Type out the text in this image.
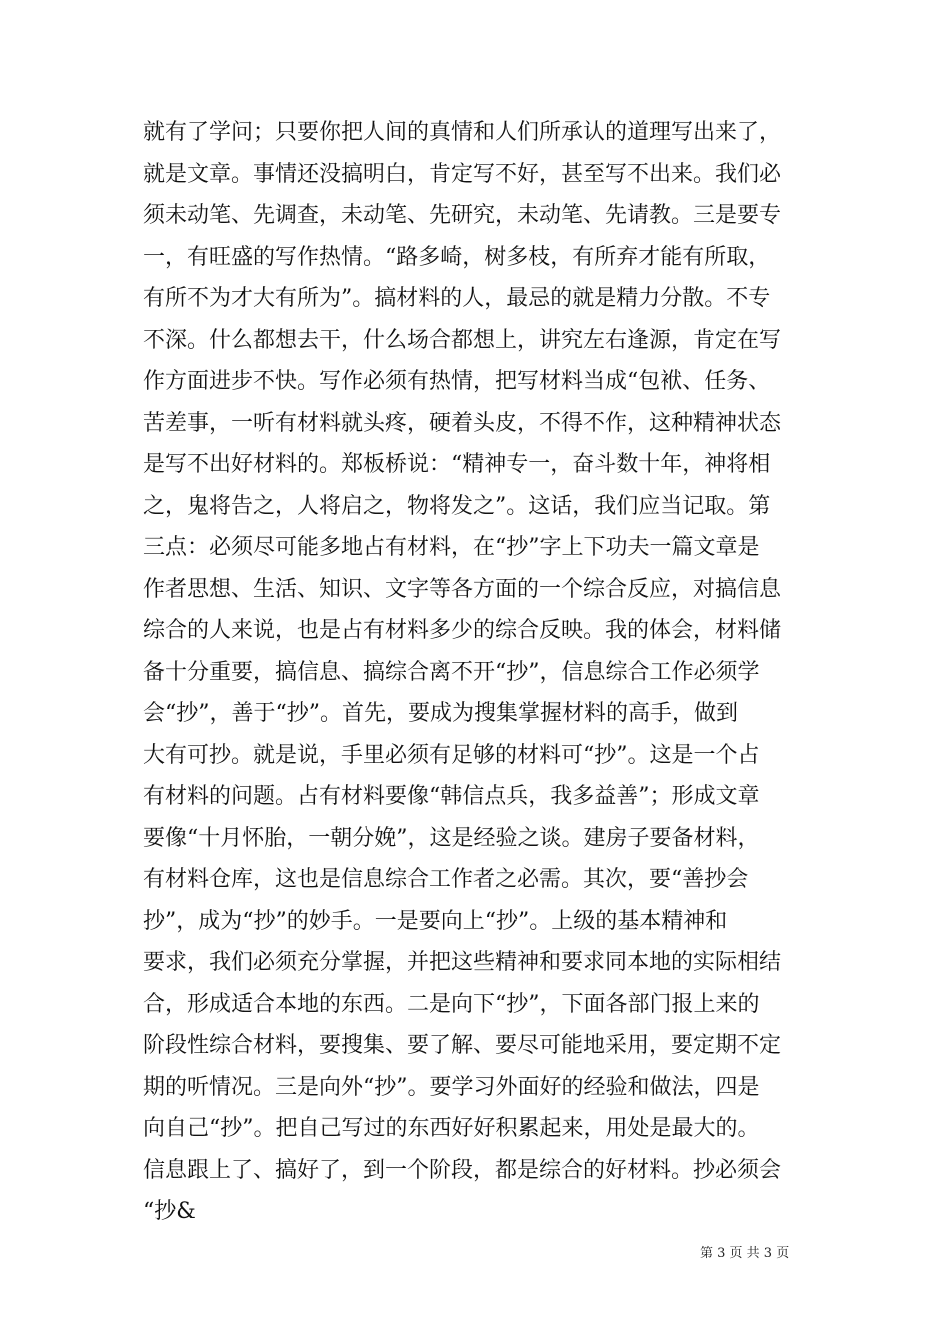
就有了学问；只要你把人间的真情和人们所承认的道理写出来了，
就是文章。事情还没搞明白，肯定写不好，甚至写不出来。我们必
须未动笔、先调查，未动笔、先研究，未动笔、先请教。三是要专
一，有旺盛的写作热情。“路多崎，树多枝，有所弃才能有所取，
有所不为才大有所为”。搞材料的人，最忌的就是精力分散。不专
不深。什么都想去干，什么场合都想上，讲究左右逢源，肯定在写
作方面进步不快。写作必须有热情，把写材料当成“包袱、任务、
苦差事，一听有材料就头疼，硬着头皮，不得不作，这种精神状态
是写不出好材料的。郑板桥说：“精神专一，奋斗数十年，神将相
之，鬼将告之，人将启之，物将发之”。这话，我们应当记取。第
三点：必须尽可能多地占有材料，在“抄”字上下功夫一篇文章是
作者思想、生活、知识、文字等各方面的一个综合反应，对搞信息
综合的人来说，也是占有材料多少的综合反映。我的体会，材料储
备十分重要，搞信息、搞综合离不开“抄”，信息综合工作必须学
会“抄”，善于“抄”。首先，要成为搜集掌握材料的高手，做到
大有可抄。就是说，手里必须有足够的材料可“抄”。这是一个占
有材料的问题。占有材料要像“韩信点兵，我多益善”；形成文章
要像“十月怀胎，一朝分娩”，这是经验之谈。建房子要备材料，
有材料仓库，这也是信息综合工作者之必需。其次，要“善抄会
抄”，成为“抄”的妙手。一是要向上“抄”。上级的基本精神和
要求，我们必须充分掌握，并把这些精神和要求同本地的实际相结
合，形成适合本地的东西。二是向下“抄”，下面各部门报上来的
阶段性综合材料，要搜集、要了解、要尽可能地采用，要定期不定
期的听情况。三是向外“抄”。要学习外面好的经验和做法，四是
向自己“抄”。把自己写过的东西好好积累起来，用处是最大的。
信息跟上了、搞好了，到一个阶段，都是综合的好材料。抄必须会
“抄&
第 3 页 共 3 页
